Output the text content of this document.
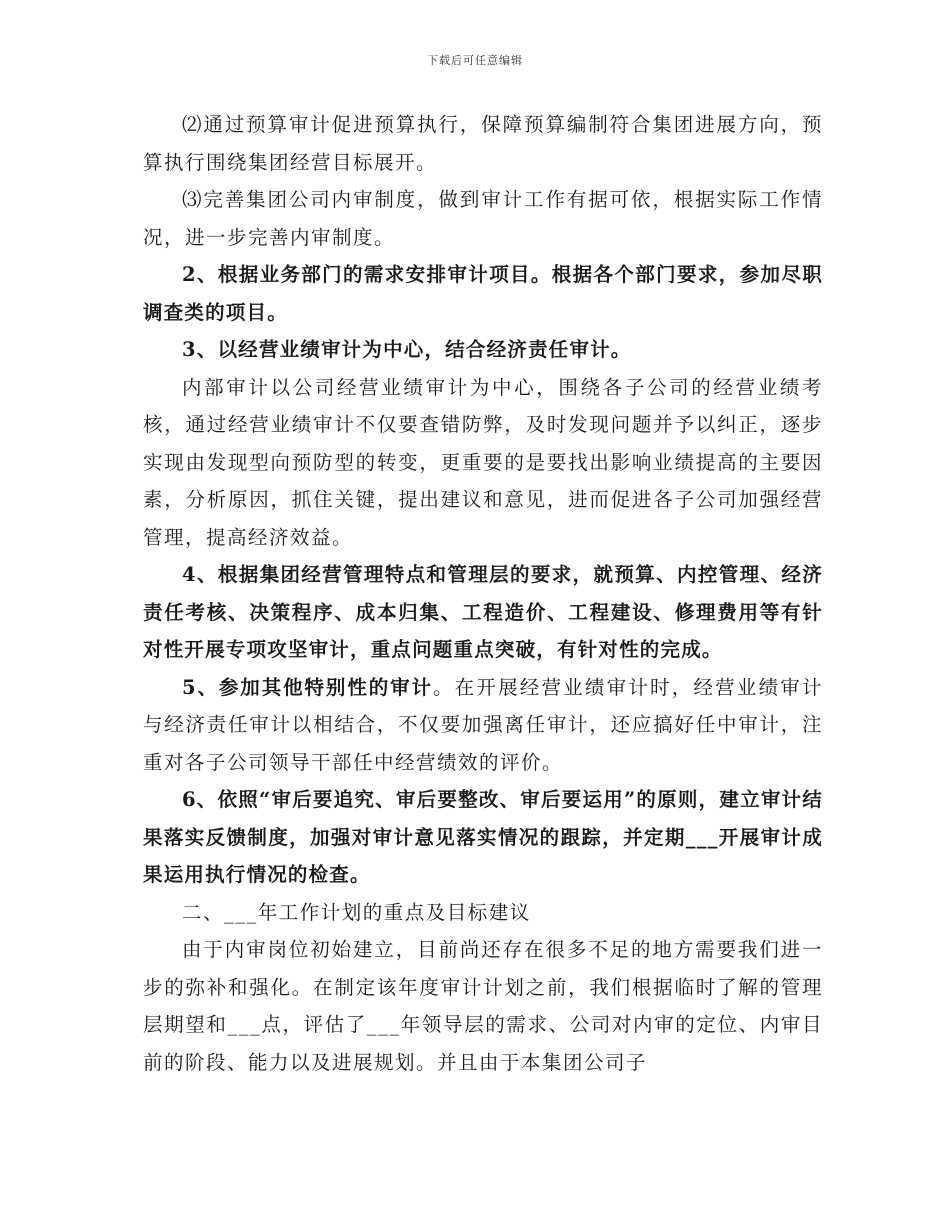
下载后可任意编辑

⑵通过预算审计促进预算执行，保障预算编制符合集团进展方向，预算执行围绕集团经营目标展开。

⑶完善集团公司内审制度，做到审计工作有据可依，根据实际工作情况，进一步完善内审制度。

2、根据业务部门的需求安排审计项目。根据各个部门要求，参加尽职调查类的项目。

3、以经营业绩审计为中心，结合经济责任审计。

内部审计以公司经营业绩审计为中心，围绕各子公司的经营业绩考核，通过经营业绩审计不仅要查错防弊，及时发现问题并予以纠正，逐步实现由发现型向预防型的转变，更重要的是要找出影响业绩提高的主要因素，分析原因，抓住关键，提出建议和意见，进而促进各子公司加强经营管理，提高经济效益。

4、根据集团经营管理特点和管理层的要求，就预算、内控管理、经济责任考核、决策程序、成本归集、工程造价、工程建设、修理费用等有针对性开展专项攻坚审计，重点问题重点突破，有针对性的完成。

5、参加其他特别性的审计。在开展经营业绩审计时，经营业绩审计与经济责任审计以相结合，不仅要加强离任审计，还应搞好任中审计，注重对各子公司领导干部任中经营绩效的评价。

6、依照“审后要追究、审后要整改、审后要运用”的原则，建立审计结果落实反馈制度，加强对审计意见落实情况的跟踪，并定期___开展审计成果运用执行情况的检查。

二、___年工作计划的重点及目标建议

由于内审岗位初始建立，目前尚还存在很多不足的地方需要我们进一步的弥补和强化。在制定该年度审计计划之前，我们根据临时了解的管理层期望和___点，评估了___年领导层的需求、公司对内审的定位、内审目前的阶段、能力以及进展规划。并且由于本集团公司子
